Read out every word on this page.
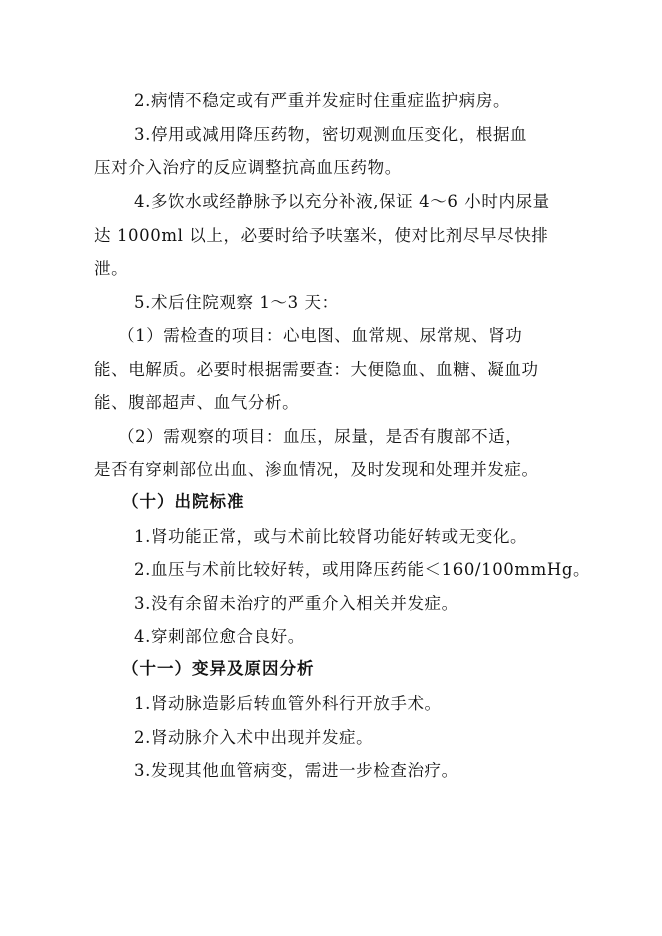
2.病情不稳定或有严重并发症时住重症监护病房。
3.停用或减用降压药物，密切观测血压变化，根据血
压对介入治疗的反应调整抗高血压药物。
4.多饮水或经静脉予以充分补液,保证 4～6 小时内尿量
达 1000ml 以上，必要时给予呋塞米，使对比剂尽早尽快排
泄。
5.术后住院观察 1～3 天：
（1）需检查的项目：心电图、血常规、尿常规、肾功
能、电解质。必要时根据需要查：大便隐血、血糖、凝血功
能、腹部超声、血气分析。
（2）需观察的项目：血压，尿量，是否有腹部不适，
是否有穿刺部位出血、渗血情况，及时发现和处理并发症。
（十）出院标准
1.肾功能正常，或与术前比较肾功能好转或无变化。
2.血压与术前比较好转，或用降压药能＜160/100mmHg。
3.没有余留未治疗的严重介入相关并发症。
4.穿刺部位愈合良好。
（十一）变异及原因分析
1.肾动脉造影后转血管外科行开放手术。
2.肾动脉介入术中出现并发症。
3.发现其他血管病变，需进一步检查治疗。
